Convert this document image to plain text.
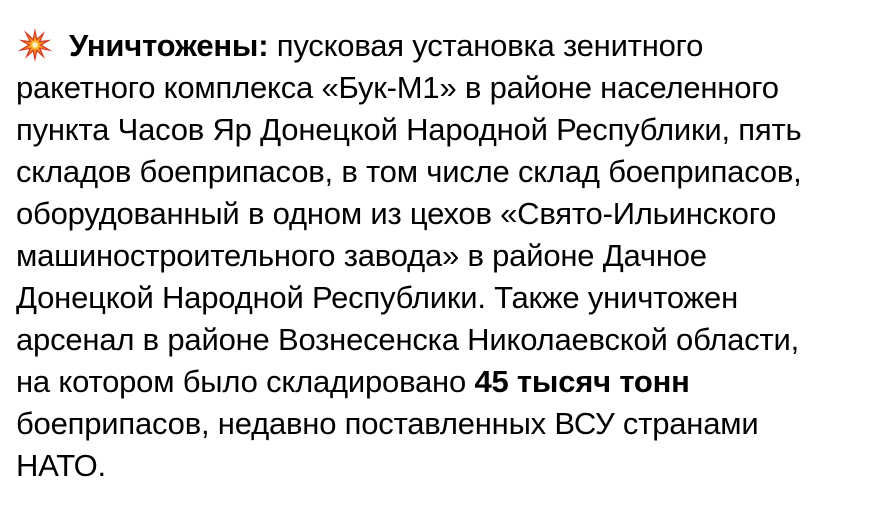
Уничтожены: пусковая установка зенитного
ракетного комплекса «Бук-М1» в районе населенного
пункта Часов Яр Донецкой Народной Республики, пять
складов боеприпасов, в том числе склад боеприпасов,
оборудованный в одном из цехов «Свято-Ильинского
машиностроительного завода» в районе Дачное
Донецкой Народной Республики. Также уничтожен
арсенал в районе Вознесенска Николаевской области,
на котором было складировано 45 тысяч тонн
боеприпасов, недавно поставленных ВСУ странами
НАТО.
